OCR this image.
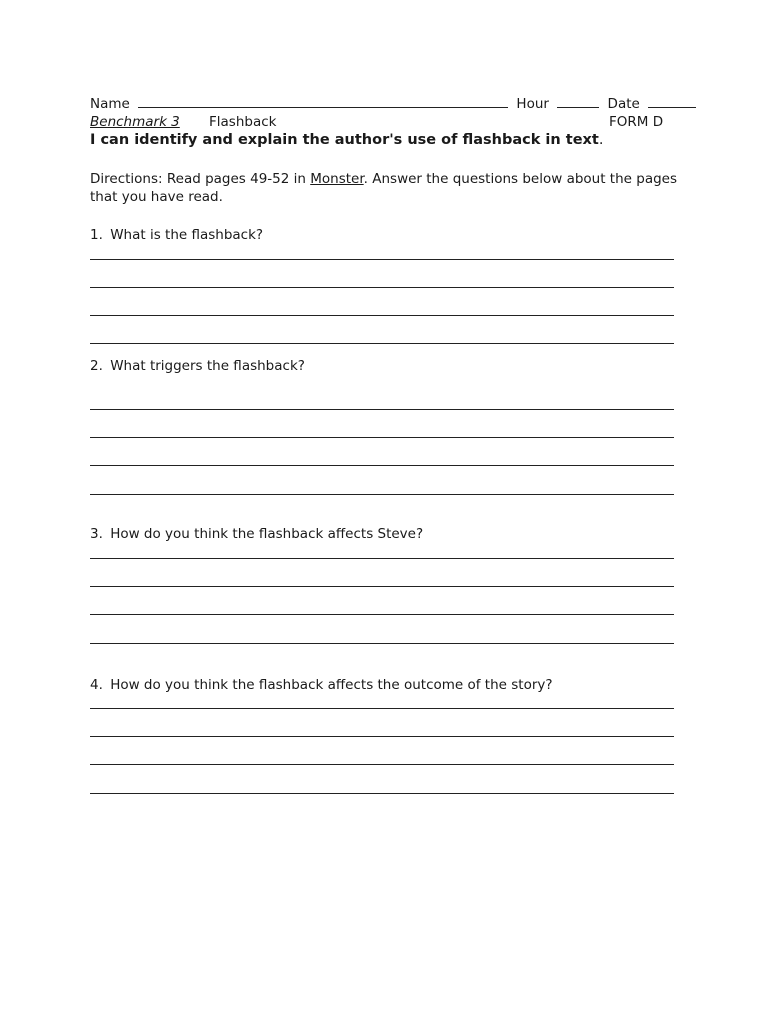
Name	Hour	Date
Benchmark 3 Flashback	FORM D
I can identify and explain the author's use of flashback in text.
Directions: Read pages 49-52 in Monster. Answer the questions below about the pages
that you have read.
1. What is the flashback?
2. What triggers the flashback?
3. How do you think the flashback affects Steve?
4. How do you think the flashback affects the outcome of the story?
